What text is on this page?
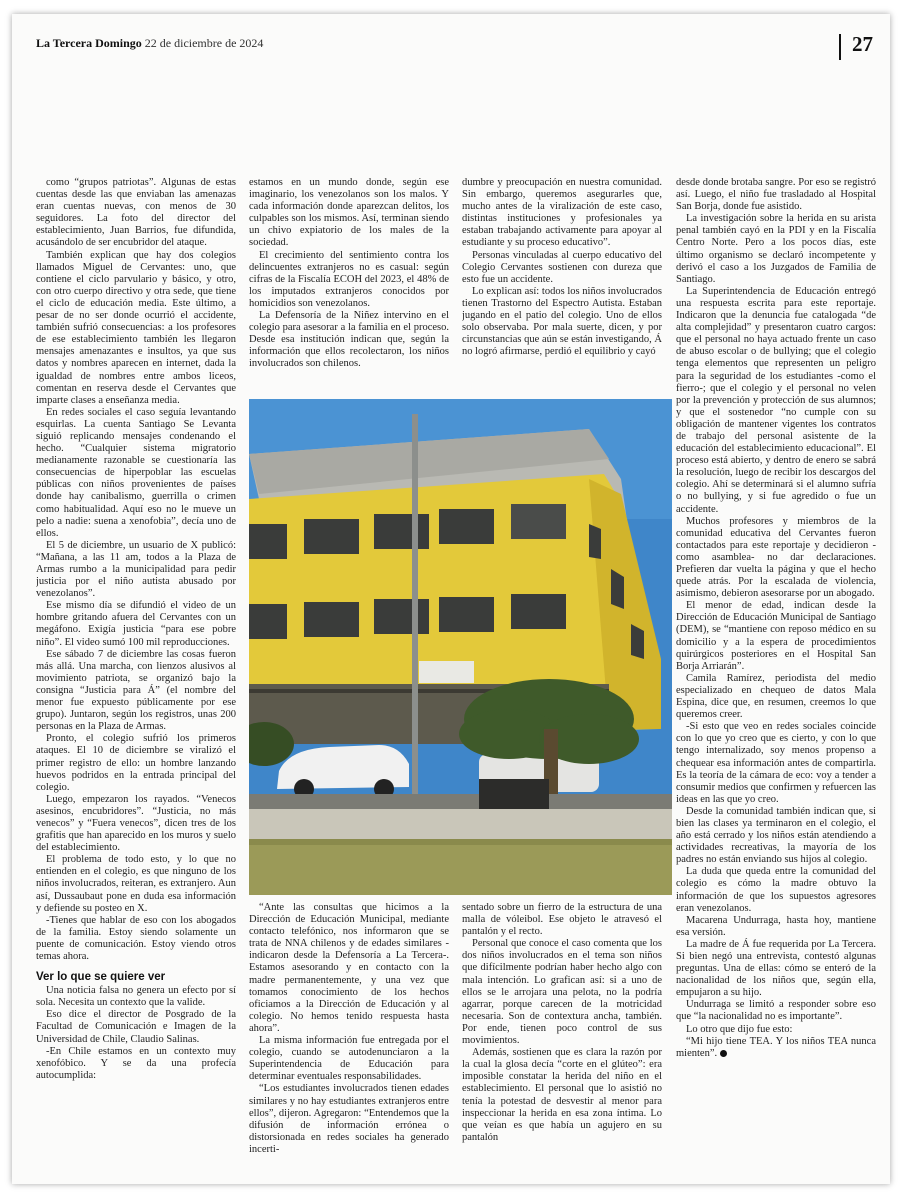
La Tercera Domingo 22 de diciembre de 2024	27

como “grupos patriotas”. Algunas de estas cuentas desde las que enviaban las amenazas eran cuentas nuevas, con menos de 30 seguidores. La foto del director del establecimiento, Juan Barrios, fue difundida, acusándolo de ser encubridor del ataque.

También explican que hay dos colegios llamados Miguel de Cervantes: uno, que contiene el ciclo parvulario y básico, y otro, con otro cuerpo directivo y otra sede, que tiene el ciclo de educación media. Este último, a pesar de no ser donde ocurrió el accidente, también sufrió consecuencias: a los profesores de ese establecimiento también les llegaron mensajes amenazantes e insultos, ya que sus datos y nombres aparecen en internet, dada la igualdad de nombres entre ambos liceos, comentan en reserva desde el Cervantes que imparte clases a enseñanza media.

En redes sociales el caso seguía levantando esquirlas. La cuenta Santiago Se Levanta siguió replicando mensajes condenando el hecho. “Cualquier sistema migratorio medianamente razonable se cuestionaría las consecuencias de hiperpoblar las escuelas públicas con niños provenientes de países donde hay canibalismo, guerrilla o crimen como habitualidad. Aquí eso no le mueve un pelo a nadie: suena a xenofobia”, decía uno de ellos.

El 5 de diciembre, un usuario de X publicó: “Mañana, a las 11 am, todos a la Plaza de Armas rumbo a la municipalidad para pedir justicia por el niño autista abusado por venezolanos”.

Ese mismo día se difundió el video de un hombre gritando afuera del Cervantes con un megáfono. Exigía justicia “para ese pobre niño”. El video sumó 100 mil reproducciones.

Ese sábado 7 de diciembre las cosas fueron más allá. Una marcha, con lienzos alusivos al movimiento patriota, se organizó bajo la consigna “Justicia para Á” (el nombre del menor fue expuesto públicamente por ese grupo). Juntaron, según los registros, unas 200 personas en la Plaza de Armas.

Pronto, el colegio sufrió los primeros ataques. El 10 de diciembre se viralizó el primer registro de ello: un hombre lanzando huevos podridos en la entrada principal del colegio.

Luego, empezaron los rayados. “Venecos asesinos, encubridores”. “Justicia, no más venecos” y “Fuera venecos”, dicen tres de los grafitis que han aparecido en los muros y suelo del establecimiento.

El problema de todo esto, y lo que no entienden en el colegio, es que ninguno de los niños involucrados, reiteran, es extranjero. Aun así, Dussaubaut pone en duda esa información y defiende su posteo en X.

-Tienes que hablar de eso con los abogados de la familia. Estoy siendo solamente un puente de comunicación. Estoy viendo otros temas ahora.

Ver lo que se quiere ver

Una noticia falsa no genera un efecto por sí sola. Necesita un contexto que la valide.

Eso dice el director de Posgrado de la Facultad de Comunicación e Imagen de la Universidad de Chile, Claudio Salinas.

-En Chile estamos en un contexto muy xenofóbico. Y se da una profecía autocumplida:

estamos en un mundo donde, según ese imaginario, los venezolanos son los malos. Y cada información donde aparezcan delitos, los culpables son los mismos. Así, terminan siendo un chivo expiatorio de los males de la sociedad.

El crecimiento del sentimiento contra los delincuentes extranjeros no es casual: según cifras de la Fiscalía ECOH del 2023, el 48% de los imputados extranjeros conocidos por homicidios son venezolanos.

La Defensoría de la Niñez intervino en el colegio para asesorar a la familia en el proceso. Desde esa institución indican que, según la información que ellos recolectaron, los niños involucrados son chilenos.

dumbre y preocupación en nuestra comunidad. Sin embargo, queremos asegurarles que, mucho antes de la viralización de este caso, distintas instituciones y profesionales ya estaban trabajando activamente para apoyar al estudiante y su proceso educativo”.

Personas vinculadas al cuerpo educativo del Colegio Cervantes sostienen con dureza que esto fue un accidente.

Lo explican así: todos los niños involucrados tienen Trastorno del Espectro Autista. Estaban jugando en el patio del colegio. Uno de ellos solo observaba. Por mala suerte, dicen, y por circunstancias que aún se están investigando, Á no logró afirmarse, perdió el equilibrio y cayó

“Ante las consultas que hicimos a la Dirección de Educación Municipal, mediante contacto telefónico, nos informaron que se trata de NNA chilenos y de edades similares -indicaron desde la Defensoría a La Tercera-. Estamos asesorando y en contacto con la madre permanentemente, y una vez que tomamos conocimiento de los hechos oficiamos a la Dirección de Educación y al colegio. No hemos tenido respuesta hasta ahora”.

La misma información fue entregada por el colegio, cuando se autodenunciaron a la Superintendencia de Educación para determinar eventuales responsabilidades.

“Los estudiantes involucrados tienen edades similares y no hay estudiantes extranjeros entre ellos”, dijeron. Agregaron: “Entendemos que la difusión de información errónea o distorsionada en redes sociales ha generado incerti-

sentado sobre un fierro de la estructura de una malla de vóleibol. Ese objeto le atravesó el pantalón y el recto.

Personal que conoce el caso comenta que los dos niños involucrados en el tema son niños que difícilmente podrían haber hecho algo con mala intención. Lo grafican así: si a uno de ellos se le arrojara una pelota, no la podría agarrar, porque carecen de la motricidad necesaria. Son de contextura ancha, también. Por ende, tienen poco control de sus movimientos.

Además, sostienen que es clara la razón por la cual la glosa decía “corte en el glúteo”: era imposible constatar la herida del niño en el establecimiento. El personal que lo asistió no tenía la potestad de desvestir al menor para inspeccionar la herida en esa zona íntima. Lo que veían es que había un agujero en su pantalón

desde donde brotaba sangre. Por eso se registró así. Luego, el niño fue trasladado al Hospital San Borja, donde fue asistido.

La investigación sobre la herida en su arista penal también cayó en la PDI y en la Fiscalía Centro Norte. Pero a los pocos días, este último organismo se declaró incompetente y derivó el caso a los Juzgados de Familia de Santiago.

La Superintendencia de Educación entregó una respuesta escrita para este reportaje. Indicaron que la denuncia fue catalogada “de alta complejidad” y presentaron cuatro cargos: que el personal no haya actuado frente un caso de abuso escolar o de bullying; que el colegio tenga elementos que representen un peligro para la seguridad de los estudiantes -como el fierro-; que el colegio y el personal no velen por la prevención y protección de sus alumnos; y que el sostenedor “no cumple con su obligación de mantener vigentes los contratos de trabajo del personal asistente de la educación del establecimiento educacional”. El proceso está abierto, y dentro de enero se sabrá la resolución, luego de recibir los descargos del colegio. Ahí se determinará si el alumno sufría o no bullying, y si fue agredido o fue un accidente.

Muchos profesores y miembros de la comunidad educativa del Cervantes fueron contactados para este reportaje y decidieron -como asamblea- no dar declaraciones. Prefieren dar vuelta la página y que el hecho quede atrás. Por la escalada de violencia, asimismo, debieron asesorarse por un abogado.

El menor de edad, indican desde la Dirección de Educación Municipal de Santiago (DEM), se “mantiene con reposo médico en su domicilio y a la espera de procedimientos quirúrgicos posteriores en el Hospital San Borja Arriarán”.

Camila Ramírez, periodista del medio especializado en chequeo de datos Mala Espina, dice que, en resumen, creemos lo que queremos creer.

-Si esto que veo en redes sociales coincide con lo que yo creo que es cierto, y con lo que tengo internalizado, soy menos propenso a chequear esa información antes de compartirla. Es la teoría de la cámara de eco: voy a tender a consumir medios que confirmen y refuercen las ideas en las que yo creo.

Desde la comunidad también indican que, si bien las clases ya terminaron en el colegio, el año está cerrado y los niños están atendiendo a actividades recreativas, la mayoría de los padres no están enviando sus hijos al colegio.

La duda que queda entre la comunidad del colegio es cómo la madre obtuvo la información de que los supuestos agresores eran venezolanos.

Macarena Undurraga, hasta hoy, mantiene esa versión.

La madre de Á fue requerida por La Tercera. Si bien negó una entrevista, contestó algunas preguntas. Una de ellas: cómo se enteró de la nacionalidad de los niños que, según ella, empujaron a su hijo.

Undurraga se limitó a responder sobre eso que “la nacionalidad no es importante”.

Lo otro que dijo fue esto:

“Mi hijo tiene TEA. Y los niños TEA nunca mienten”.
